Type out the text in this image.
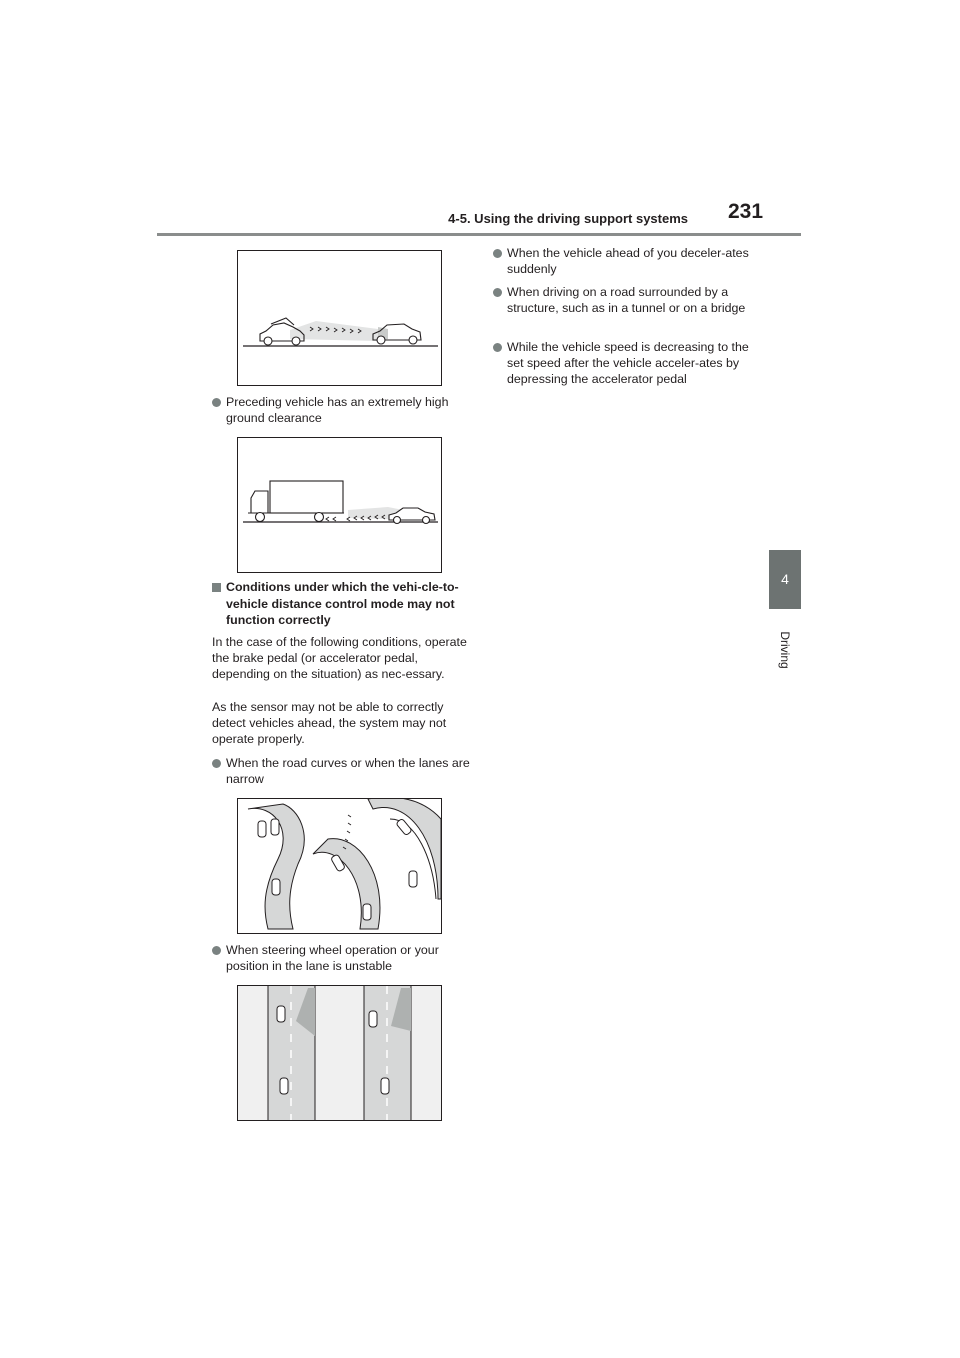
4-5. Using the driving support systems 231
4
Driving
Preceding vehicle has an extremely high ground clearance
Conditions under which the vehi-cle-to-vehicle distance control mode may not function correctly
In the case of the following conditions, operate the brake pedal (or accelerator pedal, depending on the situation) as nec-essary.
As the sensor may not be able to correctly detect vehicles ahead, the system may not operate properly.
When the road curves or when the lanes are narrow
When steering wheel operation or your position in the lane is unstable
When the vehicle ahead of you deceler-ates suddenly
When driving on a road surrounded by a structure, such as in a tunnel or on a bridge
While the vehicle speed is decreasing to the set speed after the vehicle acceler-ates by depressing the accelerator pedal
